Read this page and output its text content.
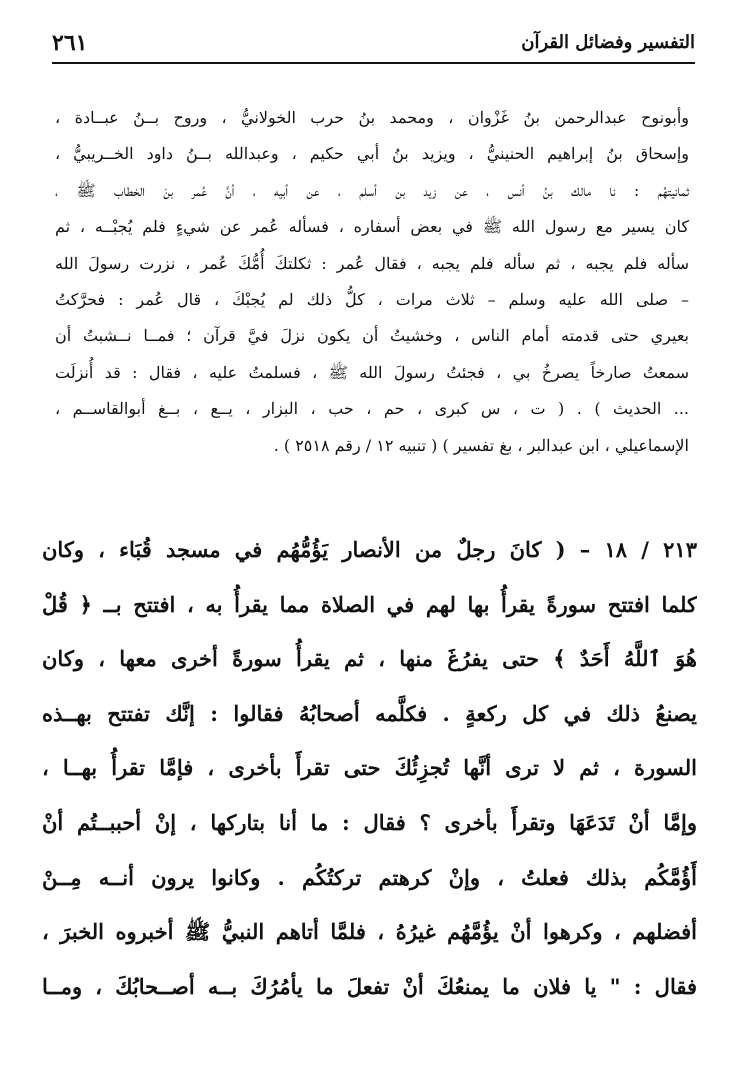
التفسير وفضائل القرآن
٢٦١
وأبونوح عبدالرحمن بنُ غَزْوان ، ومحمد بنُ حرب الخولانيُّ ، وروح بــنُ عبــادة ،
وإسحاق بنُ إبراهيم الحنينيُّ ، ويزيد بنُ أبي حكيم ، وعبدالله بــنُ داود الخــريبيُّ ،
ثمانيتهُم : نا مالك بنُ أنس ، عن زيد بن أسلم ، عن أبيه ، أنَّ عُمر بنَ الخطاب ﷺ ،
كان يسير مع رسول الله ﷺ في بعض أسفاره ، فسأله عُمر عن شيءٍ فلم يُجبْــه ، ثم
سأله فلم يجبه ، ثم سأله فلم يجبه ، فقال عُمر : ثكلتكَ أُمُّكَ عُمر ، نزرت رسولَ الله
– صلى الله عليه وسلم – ثلاث مرات ، كلُّ ذلك لم يُجبْكَ ، قال عُمر : فحرَّكتُ
بعيري حتى قدمته أمام الناس ، وخشيتُ أن يكون نزلَ فيَّ قرآن ؛ فمــا نــشبتُ أن
سمعتُ صارخاً يصرخُ بي ، فجئتُ رسولَ الله ﷺ ، فسلمتُ عليه ، فقال : قد أُنزلَت
... الحديث ) . ( ت ، س كبرى ، حم ، حب ، البزار ، يــع ، بــغ أبوالقاســم ،
الإسماعيلي ، ابن عبدالبر ، بغ تفسير ) ( تنبيه ١٢ / رقم ٢٥١٨ ) .
٢١٣ / ١٨ – ( كانَ رجلٌ من الأنصار يَؤُمُّهُم في مسجد قُبَاء ، وكان
كلما افتتح سورةً يقرأُ بها لهم في الصلاة مما يقرأُ به ، افتتح بــ ﴿ قُلْ
هُوَ ٱللَّهُ أَحَدٌ ﴾ حتى يفرُغَ منها ، ثم يقرأُ سورةً أخرى معها ، وكان
يصنعُ ذلك في كل ركعةٍ . فكلَّمه أصحابُهُ فقالوا : إنَّك تفتتح بهــذه
السورة ، ثم لا ترى أنَّها تُجزِئُكَ حتى تقرأَ بأخرى ، فإمَّا تقرأُ بهــا ،
وإمَّا أنْ تَدَعَهَا وتقرأَ بأخرى ؟ فقال : ما أنا بتاركها ، إنْ أحببــتُم أنْ
أَؤُمَّكُم بذلك فعلتُ ، وإنْ كرهتم تركتُكُم . وكانوا يرون أنــه مِــنْ
أفضلهم ، وكرهوا أنْ يؤُمَّهُم غيرُهُ ، فلمَّا أتاهم النبيُّ ﷺ أخبروه الخبرَ ،
فقال : " يا فلان ما يمنعُكَ أنْ تفعلَ ما يأمُرُكَ بــه أصــحابُكَ ، ومــا
